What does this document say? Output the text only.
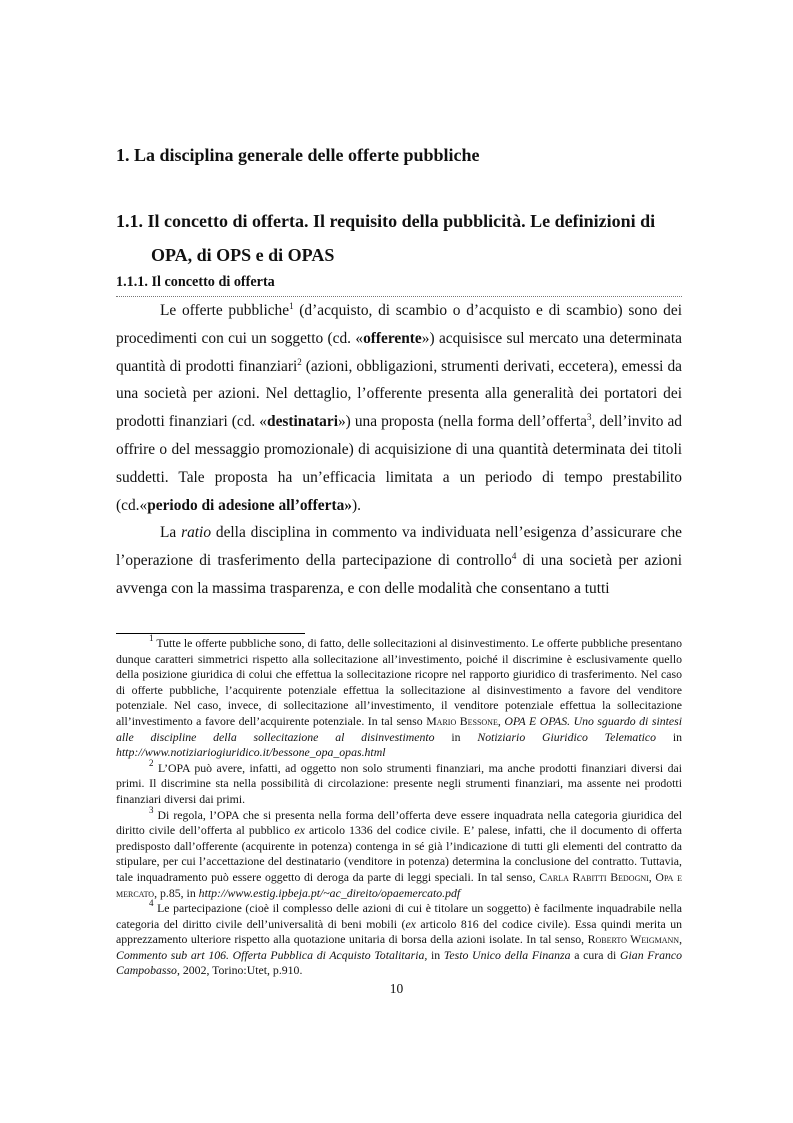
1. La disciplina generale delle offerte pubbliche
1.1. Il concetto di offerta. Il requisito della pubblicità. Le definizioni di
OPA, di OPS e di OPAS
1.1.1. Il concetto di offerta

Le offerte pubbliche$^1$ (d’acquisto, di scambio o d’acquisto e di scambio) sono dei procedimenti con cui un soggetto (cd. «offerente») acquisisce sul mercato una determinata quantità di prodotti finanziari$^2$ (azioni, obbligazioni, strumenti derivati, eccetera), emessi da una società per azioni. Nel dettaglio, l’offerente presenta alla generalità dei portatori dei prodotti finanziari (cd. «destinatari») una proposta (nella forma dell’offerta$^3$, dell’invito ad offrire o del messaggio promozionale) di acquisizione di una quantità determinata dei titoli suddetti. Tale proposta ha un’efficacia limitata a un periodo di tempo prestabilito (cd.«periodo di adesione all’offerta»).

La ratio della disciplina in commento va individuata nell’esigenza d’assicurare che l’operazione di trasferimento della partecipazione di controllo$^4$ di una società per azioni avvenga con la massima trasparenza, e con delle modalità che consentano a tutti

$^1$ Tutte le offerte pubbliche sono, di fatto, delle sollecitazioni al disinvestimento. Le offerte pubbliche presentano dunque caratteri simmetrici rispetto alla sollecitazione all’investimento, poiché il discrimine è esclusivamente quello della posizione giuridica di colui che effettua la sollecitazione ricopre nel rapporto giuridico di trasferimento. Nel caso di offerte pubbliche, l’acquirente potenziale effettua la sollecitazione al disinvestimento a favore del venditore potenziale. Nel caso, invece, di sollecitazione all’investimento, il venditore potenziale effettua la sollecitazione all’investimento a favore dell’acquirente potenziale. In tal senso Mario Bessone, OPA E OPAS. Uno sguardo di sintesi alle discipline della sollecitazione al disinvestimento in Notiziario Giuridico Telematico in http://www.notiziariogiuridico.it/bessone_opa_opas.html

$^2$ L’OPA può avere, infatti, ad oggetto non solo strumenti finanziari, ma anche prodotti finanziari diversi dai primi. Il discrimine sta nella possibilità di circolazione: presente negli strumenti finanziari, ma assente nei prodotti finanziari diversi dai primi.

$^3$ Di regola, l’OPA che si presenta nella forma dell’offerta deve essere inquadrata nella categoria giuridica del diritto civile dell’offerta al pubblico ex articolo 1336 del codice civile. E’ palese, infatti, che il documento di offerta predisposto dall’offerente (acquirente in potenza) contenga in sé già l’indicazione di tutti gli elementi del contratto da stipulare, per cui l’accettazione del destinatario (venditore in potenza) determina la conclusione del contratto. Tuttavia, tale inquadramento può essere oggetto di deroga da parte di leggi speciali. In tal senso, Carla Rabitti Bedogni, Opa e mercato, p.85, in http://www.estig.ipbeja.pt/~ac_direito/opaemercato.pdf

$^4$ Le partecipazione (cioè il complesso delle azioni di cui è titolare un soggetto) è facilmente inquadrabile nella categoria del diritto civile dell’universalità di beni mobili (ex articolo 816 del codice civile). Essa quindi merita un apprezzamento ulteriore rispetto alla quotazione unitaria di borsa della azioni isolate. In tal senso, Roberto Weigmann, Commento sub art 106. Offerta Pubblica di Acquisto Totalitaria, in Testo Unico della Finanza a cura di Gian Franco Campobasso, 2002, Torino:Utet, p.910.

10
